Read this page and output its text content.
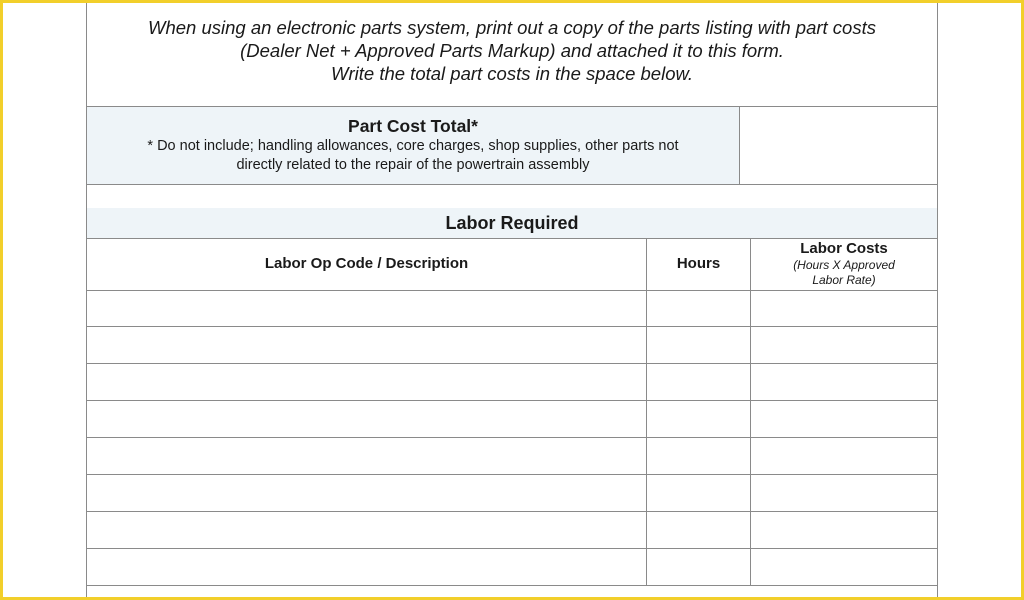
When using an electronic parts system, print out a copy of the parts listing with part costs
(Dealer Net + Approved Parts Markup) and attached it to this form.
Write the total part costs in the space below.
Part Cost Total*
* Do not include; handling allowances, core charges, shop supplies, other parts not
directly related to the repair of the powertrain assembly
Labor Required
Labor Op Code / Description	Hours
Labor Costs
(Hours X Approved
Labor Rate)
